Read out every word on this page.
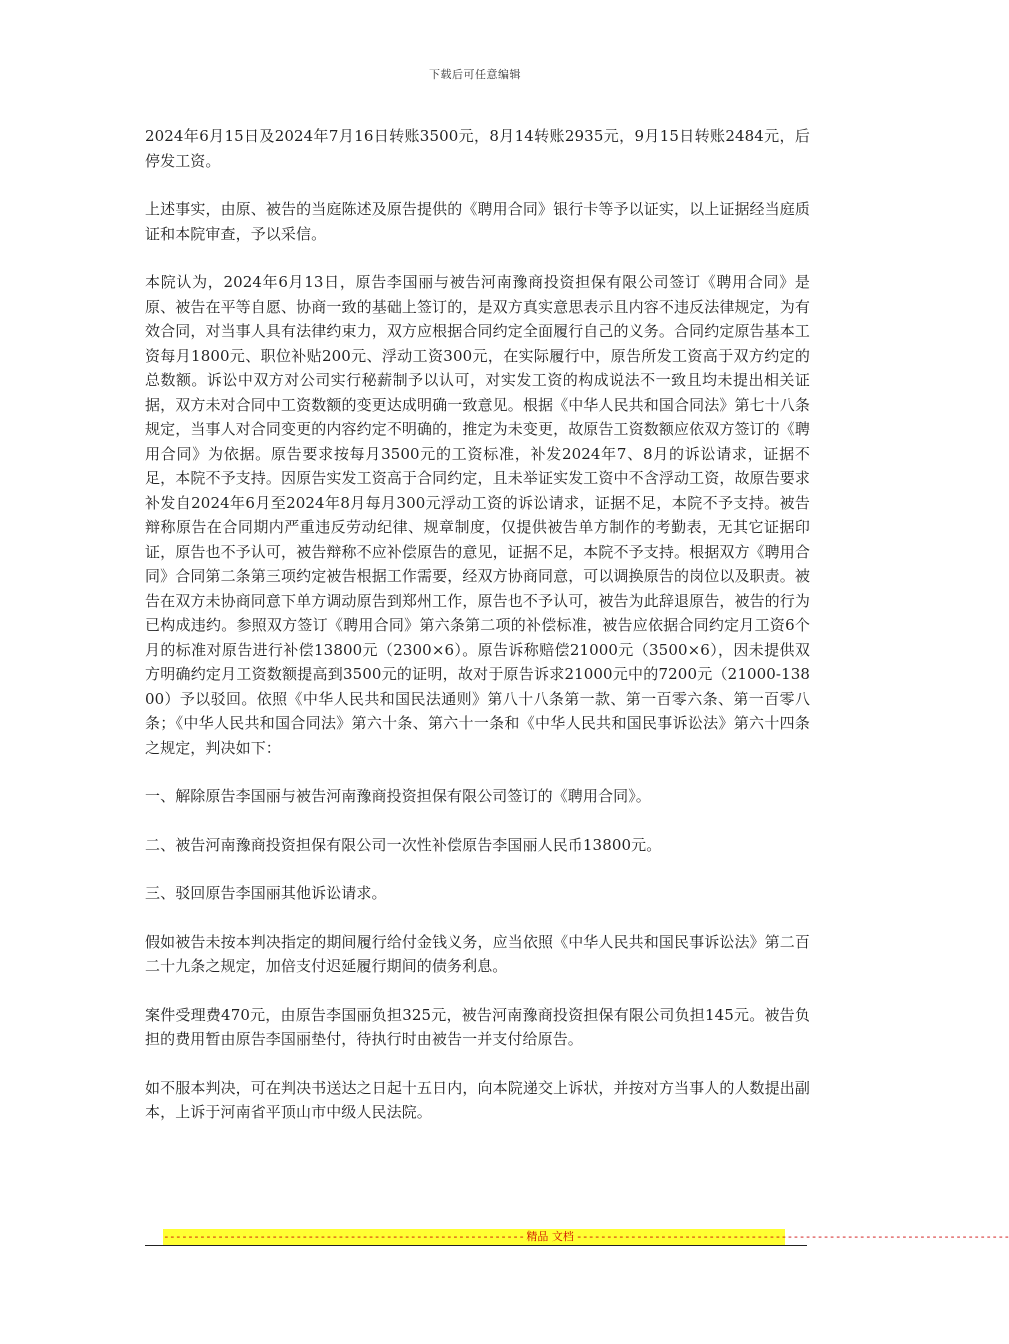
下载后可任意编辑

2024年6月15日及2024年7月16日转账3500元，8月14转账2935元，9月15日转账2484元，后停发工资。

上述事实，由原、被告的当庭陈述及原告提供的《聘用合同》银行卡等予以证实，以上证据经当庭质证和本院审查，予以采信。

本院认为，2024年6月13日，原告李国丽与被告河南豫商投资担保有限公司签订《聘用合同》是原、被告在平等自愿、协商一致的基础上签订的，是双方真实意思表示且内容不违反法律规定，为有效合同，对当事人具有法律约束力，双方应根据合同约定全面履行自己的义务。合同约定原告基本工资每月1800元、职位补贴200元、浮动工资300元，在实际履行中，原告所发工资高于双方约定的总数额。诉讼中双方对公司实行秘薪制予以认可，对实发工资的构成说法不一致且均未提出相关证据，双方未对合同中工资数额的变更达成明确一致意见。根据《中华人民共和国合同法》第七十八条规定，当事人对合同变更的内容约定不明确的，推定为未变更，故原告工资数额应依双方签订的《聘用合同》为依据。原告要求按每月3500元的工资标准，补发2024年7、8月的诉讼请求，证据不足，本院不予支持。因原告实发工资高于合同约定，且未举证实发工资中不含浮动工资，故原告要求补发自2024年6月至2024年8月每月300元浮动工资的诉讼请求，证据不足，本院不予支持。被告辩称原告在合同期内严重违反劳动纪律、规章制度，仅提供被告单方制作的考勤表，无其它证据印证，原告也不予认可，被告辩称不应补偿原告的意见，证据不足，本院不予支持。根据双方《聘用合同》合同第二条第三项约定被告根据工作需要，经双方协商同意，可以调换原告的岗位以及职责。被告在双方未协商同意下单方调动原告到郑州工作，原告也不予认可，被告为此辞退原告，被告的行为已构成违约。参照双方签订《聘用合同》第六条第二项的补偿标准，被告应依据合同约定月工资6个月的标准对原告进行补偿13800元（2300×6）。原告诉称赔偿21000元（3500×6），因未提供双方明确约定月工资数额提高到3500元的证明，故对于原告诉求21000元中的7200元（21000-13800）予以驳回。依照《中华人民共和国民法通则》第八十八条第一款、第一百零六条、第一百零八条；《中华人民共和国合同法》第六十条、第六十一条和《中华人民共和国民事诉讼法》第六十四条之规定，判决如下：

一、解除原告李国丽与被告河南豫商投资担保有限公司签订的《聘用合同》。

二、被告河南豫商投资担保有限公司一次性补偿原告李国丽人民币13800元。

三、驳回原告李国丽其他诉讼请求。

假如被告未按本判决指定的期间履行给付金钱义务，应当依照《中华人民共和国民事诉讼法》第二百二十九条之规定，加倍支付迟延履行期间的债务利息。

案件受理费470元，由原告李国丽负担325元，被告河南豫商投资担保有限公司负担145元。被告负担的费用暂由原告李国丽垫付，待执行时由被告一并支付给原告。

如不服本判决，可在判决书送达之日起十五日内，向本院递交上诉状，并按对方当事人的人数提出副本，上诉于河南省平顶山市中级人民法院。

------------------------------------------------------------ 精品 文档 ------------------------------------------------------------------------
